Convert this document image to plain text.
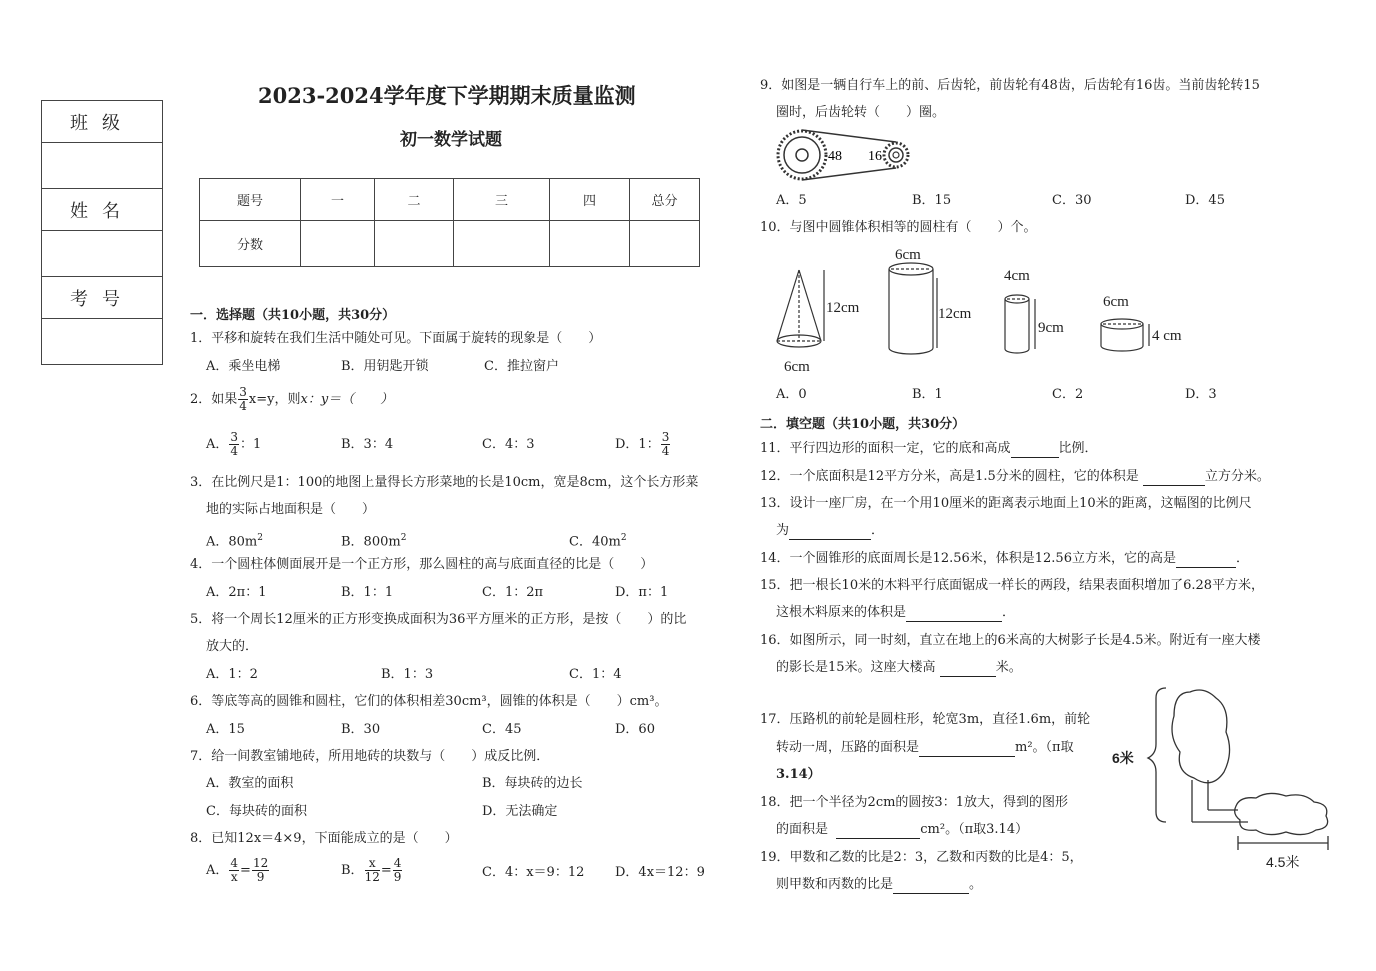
2023-2024学年度下学期期末质量监测
初一数学试题
班级

姓名

考号

题号	一	二	三	四	总分
分数					
一．选择题（共10小题，共30分）
1．平移和旋转在我们生活中随处可见。下面属于旋转的现象是（　　）
A．乘坐电梯	B．用钥匙开锁	C．推拉窗户
2．如果 $\frac{3}{4} x=y$，则x：y＝（　　）
A． $\frac{3}{4}$ ：1	B．3：4	C．4：3	D．1： $\frac{3}{4}$
3．在比例尺是1：100的地图上量得长方形菜地的长是10cm，宽是8cm，这个长方形菜
地的实际占地面积是（　　）
A．$80m^2$	B．$800m^2$	C．$40m^2$
4．一个圆柱体侧面展开是一个正方形，那么圆柱的高与底面直径的比是（　　）
A．2π：1	B．1：1	C．1：2π	D．π：1
5．将一个周长12厘米的正方形变换成面积为36平方厘米的正方形，是按（　　）的比
放大的．
A．1：2	B．1：3	C．1：4
6．等底等高的圆锥和圆柱，它们的体积相差30cm³，圆锥的体积是（　　）cm³。
A．15	B．30	C．45	D．60
7．给一间教室铺地砖，所用地砖的块数与（　　）成反比例．
A．教室的面积	B．每块砖的边长
C．每块砖的面积	D．无法确定
8．已知12x＝4×9，下面能成立的是（　　）
A． $\frac{4}{x} = \frac{12}{9}$	B． $\frac{x}{12} = \frac{4}{9}$	C．4：x＝9：12 D．4x＝12：9
9．如图是一辆自行车上的前、后齿轮，前齿轮有48齿，后齿轮有16齿。当前齿轮转15
圈时，后齿轮转（　　）圈。
48 16
A．5	B．15	C．30	D．45
10．与图中圆锥体积相等的圆柱有（　　）个。
12cm
6cm
6cm
12cm
4cm
9cm
6cm
4 cm
A．0	B．1	C．2	D．3
二．填空题（共10小题，共30分）
11．平行四边形的面积一定，它的底和高成	比例．
12．一个底面积是12平方分米，高是1.5分米的圆柱，它的体积是	立方分米。
13．设计一座厂房，在一个用10厘米的距离表示地面上10米的距离，这幅图的比例尺
为	．
14．一个圆锥形的底面周长是12.56米，体积是12.56立方米，它的高是	．
15．把一根长10米的木料平行底面锯成一样长的两段，结果表面积增加了6.28平方米，
这根木料原来的体积是	．
16．如图所示，同一时刻，直立在地上的6米高的大树影子长是4.5米。附近有一座大楼
的影长是15米。这座大楼高	米。
17．压路机的前轮是圆柱形，轮宽3m，直径1.6m，前轮
转动一周，压路的面积是	m²。（π取
3.14）
18．把一个半径为2cm的圆按3：1放大，得到的图形
的面积是	cm²。（π取3.14）
19．甲数和乙数的比是2：3，乙数和丙数的比是4：5，
则甲数和丙数的比是	。
6米
4.5米
